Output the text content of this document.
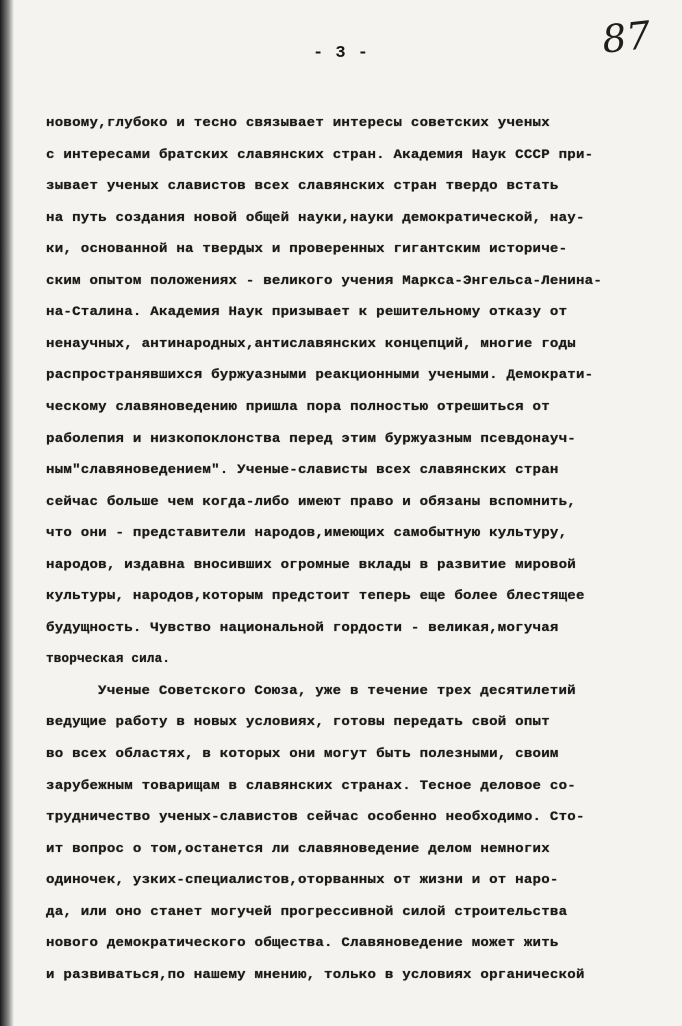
- 3 -	87
новому,глубоко и тесно связывает интересы советских ученых
с интересами братских славянских стран. Академия Наук СССР при-
зывает ученых славистов всех славянских стран твердо встать
на путь создания новой общей науки,науки демократической, нау-
ки, основанной на твердых и проверенных гигантским историче-
ским опытом положениях - великого учения Маркса-Энгельса-Ленина-
на-Сталина. Академия Наук призывает к решительному отказу от
ненаучных, антинародных,антиславянских концепций, многие годы
распространявшихся буржуазными реакционными учеными. Демократи-
ческому славяноведению пришла пора полностью отрешиться от
раболепия и низкопоклонства перед этим буржуазным псевдонауч-
ным"славяноведением". Ученые-слависты всех славянских стран
сейчас больше чем когда-либо имеют право и обязаны вспомнить,
что они - представители народов,имеющих самобытную культуру,
народов, издавна вносивших огромные вклады в развитие мировой
культуры, народов,которым предстоит теперь еще более блестящее
будущность. Чувство национальной гордости - великая,могучая
творческая сила.
Ученые Советского Союза, уже в течение трех десятилетий
ведущие работу в новых условиях, готовы передать свой опыт
во всех областях, в которых они могут быть полезными, своим
зарубежным товарищам в славянских странах. Тесное деловое со-
трудничество ученых-славистов сейчас особенно необходимо. Сто-
ит вопрос о том,останется ли славяноведение делом немногих
одиночек, узких-специалистов,оторванных от жизни и от наро-
да, или оно станет могучей прогрессивной силой строительства
нового демократического общества. Славяноведение может жить
и развиваться,по нашему мнению, только в условиях органической
